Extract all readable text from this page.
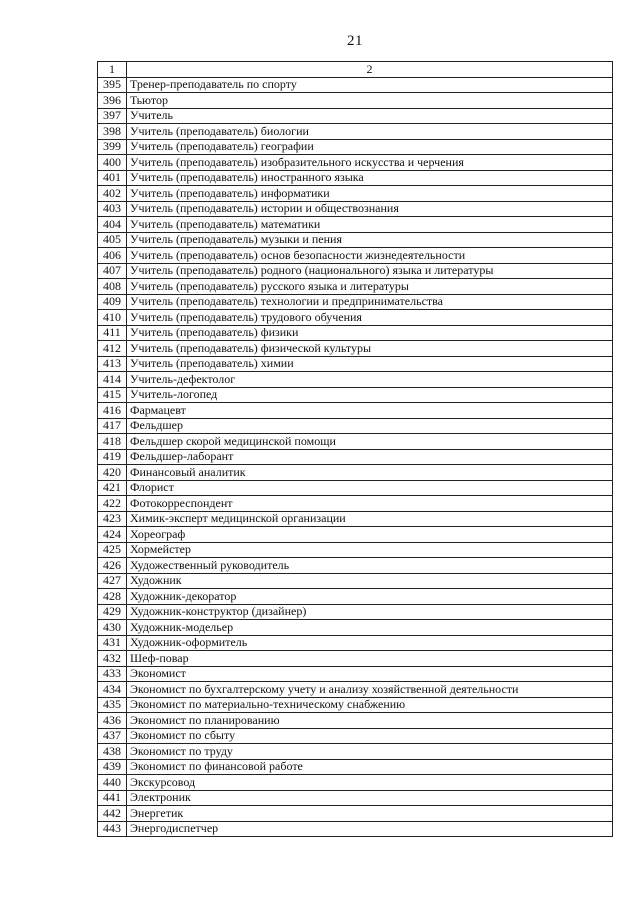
21
1	2
395	Тренер-преподаватель по спорту
396	Тьютор
397	Учитель
398	Учитель (преподаватель) биологии
399	Учитель (преподаватель) географии
400	Учитель (преподаватель) изобразительного искусства и черчения
401	Учитель (преподаватель) иностранного языка
402	Учитель (преподаватель) информатики
403	Учитель (преподаватель) истории и обществознания
404	Учитель (преподаватель) математики
405	Учитель (преподаватель) музыки и пения
406	Учитель (преподаватель) основ безопасности жизнедеятельности
407	Учитель (преподаватель) родного (национального) языка и литературы
408	Учитель (преподаватель) русского языка и литературы
409	Учитель (преподаватель) технологии и предпринимательства
410	Учитель (преподаватель) трудового обучения
411	Учитель (преподаватель) физики
412	Учитель (преподаватель) физической культуры
413	Учитель (преподаватель) химии
414	Учитель-дефектолог
415	Учитель-логопед
416	Фармацевт
417	Фельдшер
418	Фельдшер скорой медицинской помощи
419	Фельдшер-лаборант
420	Финансовый аналитик
421	Флорист
422	Фотокорреспондент
423	Химик-эксперт медицинской организации
424	Хореограф
425	Хормейстер
426	Художественный руководитель
427	Художник
428	Художник-декоратор
429	Художник-конструктор (дизайнер)
430	Художник-модельер
431	Художник-оформитель
432	Шеф-повар
433	Экономист
434	Экономист по бухгалтерскому учету и анализу хозяйственной деятельности
435	Экономист по материально-техническому снабжению
436	Экономист по планированию
437	Экономист по сбыту
438	Экономист по труду
439	Экономист по финансовой работе
440	Экскурсовод
441	Электроник
442	Энергетик
443	Энергодиспетчер
